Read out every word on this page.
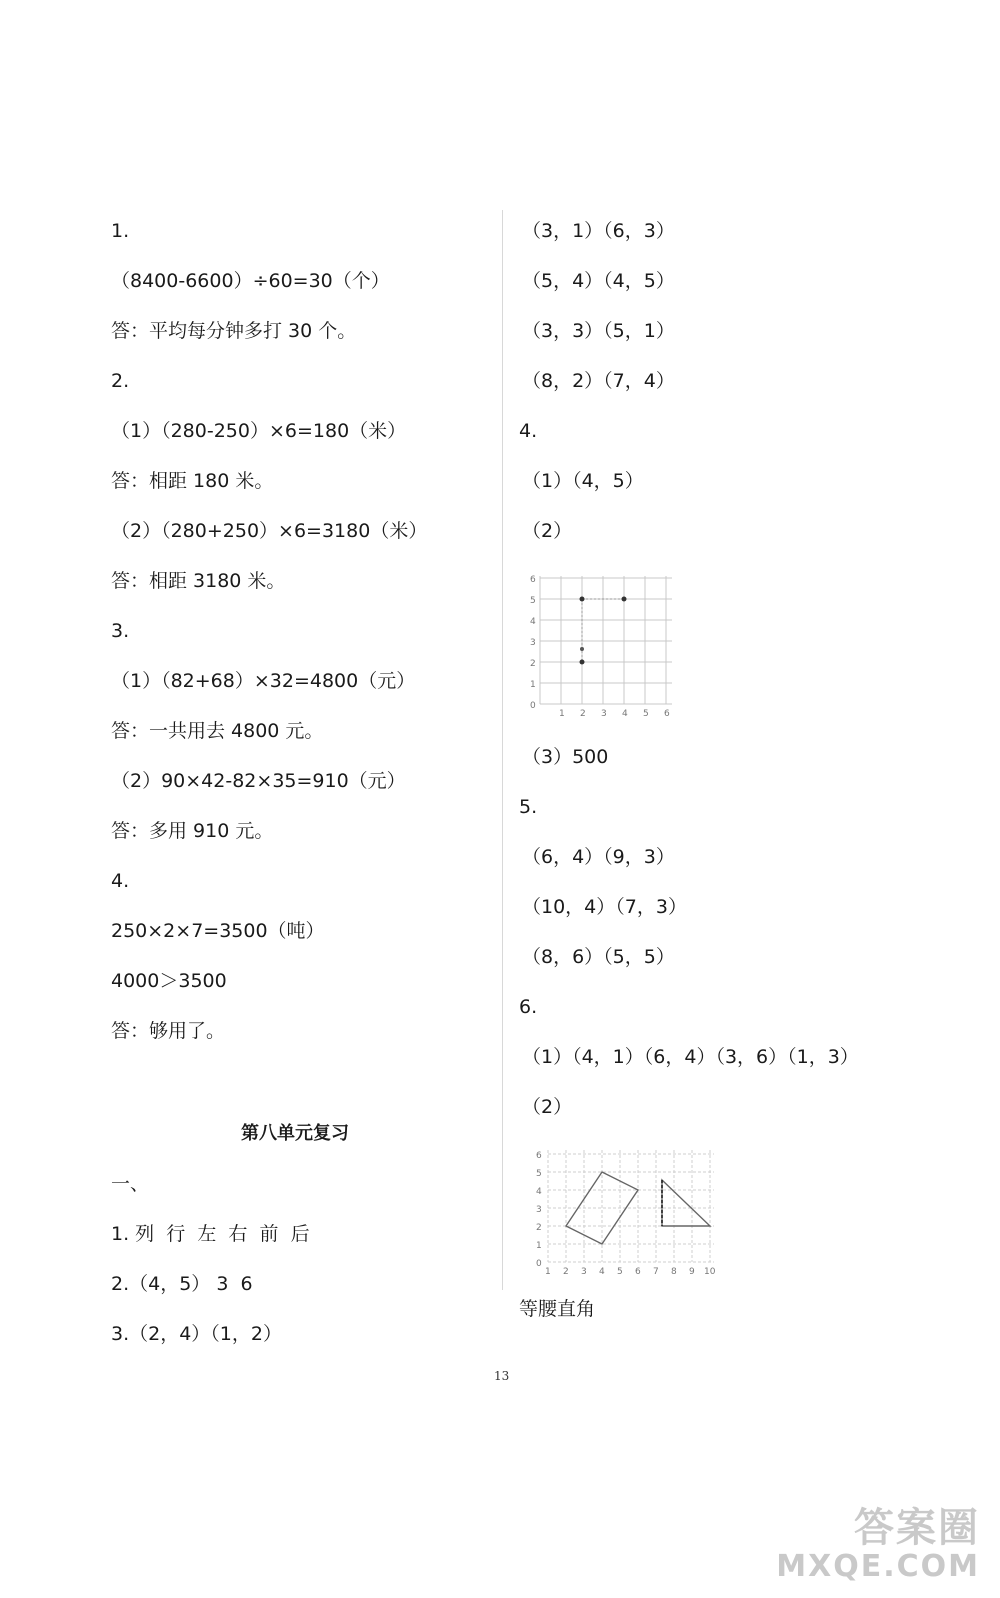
1.
（8400-6600）÷60=30（个）
答：平均每分钟多打 30 个。
2.
（1）（280-250）×6=180（米）
答：相距 180 米。
（2）（280+250）×6=3180（米）
答：相距 3180 米。
3.
（1）（82+68）×32=4800（元）
答：一共用去 4800 元。
（2）90×42-82×35=910（元）
答：多用 910 元。
4.
250×2×7=3500（吨）
4000＞3500
答：够用了。
第八单元复习
一、
1. 列  行  左  右  前  后
2.（4，5） 3  6
3.（2，4）（1，2）
（3，1）（6，3）
（5，4）（4，5）
（3，3）（5，1）
（8，2）（7，4）
4.
（1）（4，5）
（2）
1 2 3 4 5 6
0
1
2
3
4
5
6
（3）500
5.
（6，4）（9，3）
（10，4）（7，3）
（8，6）（5，5）
6.
（1）（4，1）（6，4）（3，6）（1，3）
（2）
1 2 3 4 5 6 7 8 9 10
0
1
2
3
4
5
6
等腰直角
13
答案圈
MXQE.COM
